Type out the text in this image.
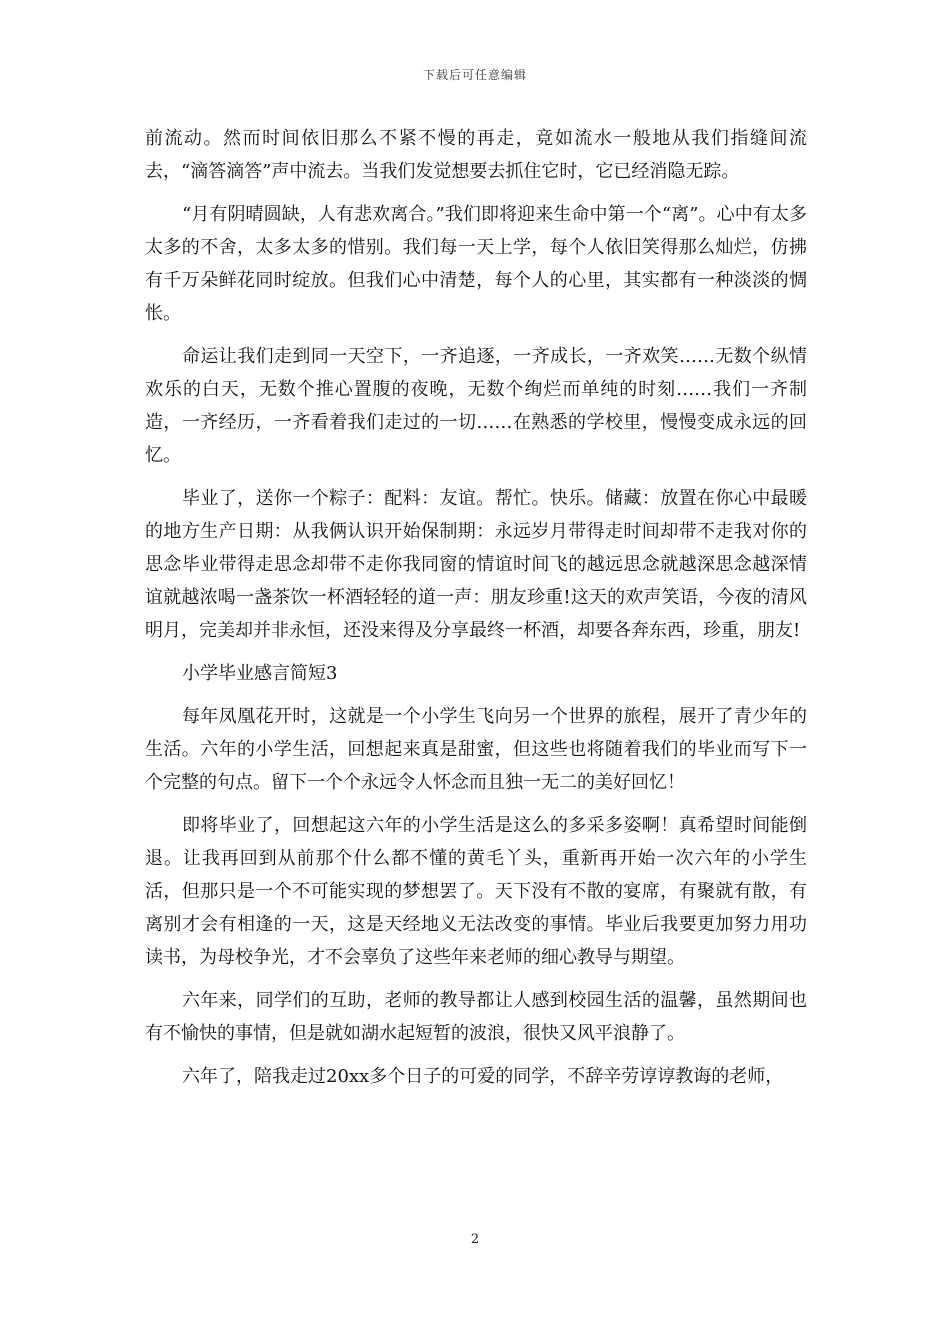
下载后可任意编辑

前流动。然而时间依旧那么不紧不慢的再走，竟如流水一般地从我们指缝间流去，“滴答滴答”声中流去。当我们发觉想要去抓住它时，它已经消隐无踪。

“月有阴晴圆缺，人有悲欢离合。”我们即将迎来生命中第一个“离”。心中有太多太多的不舍，太多太多的惜别。我们每一天上学，每个人依旧笑得那么灿烂，仿拂有千万朵鲜花同时绽放。但我们心中清楚，每个人的心里，其实都有一种淡淡的惆怅。

命运让我们走到同一天空下，一齐追逐，一齐成长，一齐欢笑……无数个纵情欢乐的白天，无数个推心置腹的夜晚，无数个绚烂而单纯的时刻……我们一齐制造，一齐经历，一齐看着我们走过的一切……在熟悉的学校里，慢慢变成永远的回忆。

毕业了，送你一个粽子：配料：友谊。帮忙。快乐。储藏：放置在你心中最暖的地方生产日期：从我俩认识开始保制期：永远岁月带得走时间却带不走我对你的思念毕业带得走思念却带不走你我同窗的情谊时间飞的越远思念就越深思念越深情谊就越浓喝一盏茶饮一杯酒轻轻的道一声：朋友珍重!这天的欢声笑语，今夜的清风明月，完美却并非永恒，还没来得及分享最终一杯酒，却要各奔东西，珍重，朋友!

小学毕业感言简短3

每年凤凰花开时，这就是一个小学生飞向另一个世界的旅程，展开了青少年的生活。六年的小学生活，回想起来真是甜蜜，但这些也将随着我们的毕业而写下一个完整的句点。留下一个个永远令人怀念而且独一无二的美好回忆！

即将毕业了，回想起这六年的小学生活是这么的多采多姿啊！真希望时间能倒退。让我再回到从前那个什么都不懂的黄毛丫头，重新再开始一次六年的小学生活，但那只是一个不可能实现的梦想罢了。天下没有不散的宴席，有聚就有散，有离别才会有相逢的一天，这是天经地义无法改变的事情。毕业后我要更加努力用功读书，为母校争光，才不会辜负了这些年来老师的细心教导与期望。

六年来，同学们的互助，老师的教导都让人感到校园生活的温馨，虽然期间也有不愉快的事情，但是就如湖水起短暂的波浪，很快又风平浪静了。

六年了，陪我走过20xx多个日子的可爱的同学，不辞辛劳谆谆教诲的老师，

2
